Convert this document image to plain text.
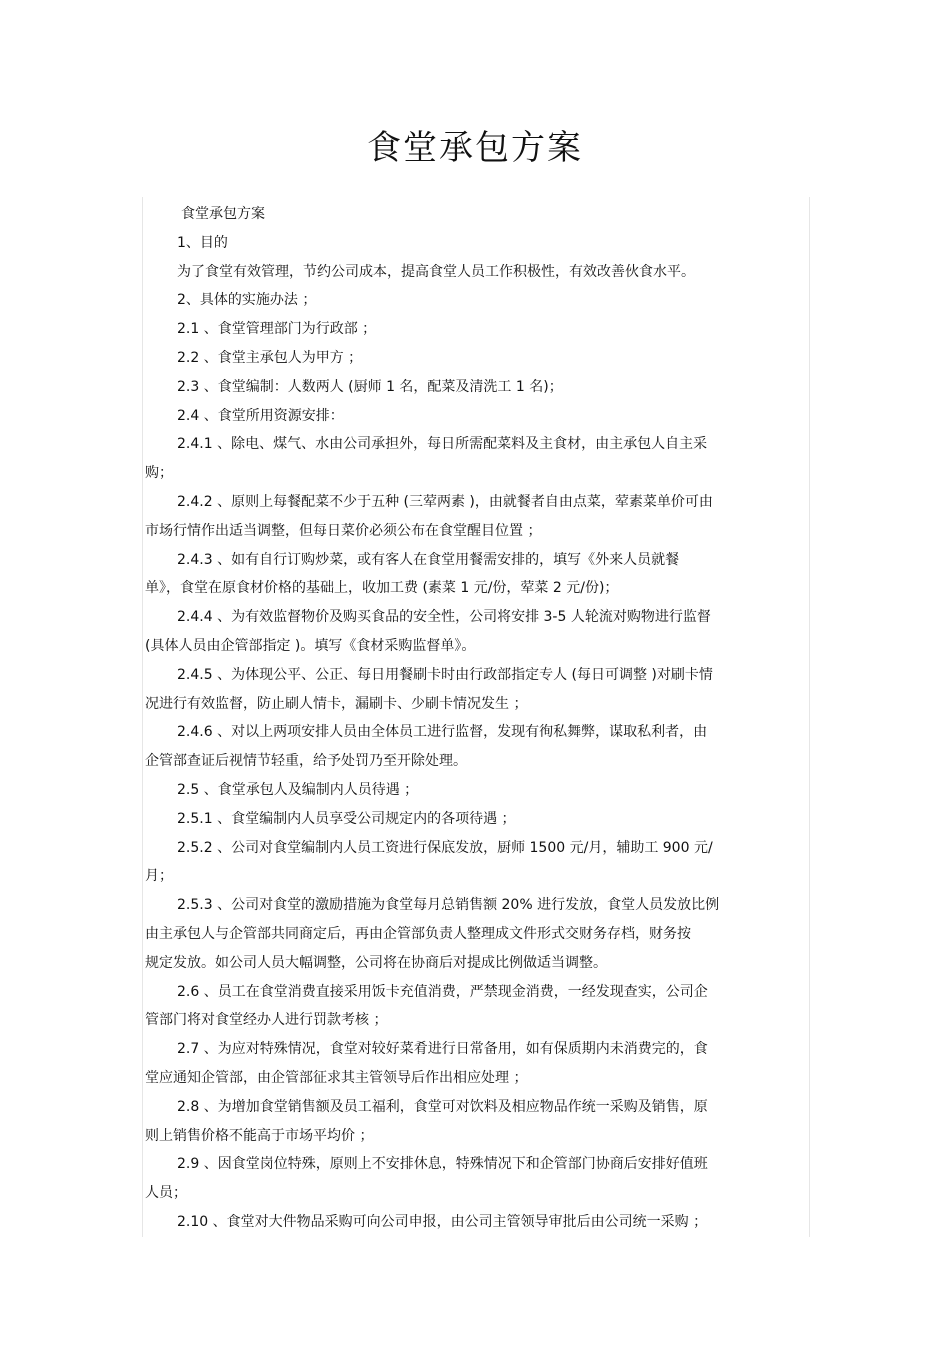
食堂承包方案
食堂承包方案
1、目的
为了食堂有效管理，节约公司成本，提高食堂人员工作积极性，有效改善伙食水平。
2、具体的实施办法 ；
2.1 、食堂管理部门为行政部 ；
2.2 、食堂主承包人为甲方 ；
2.3 、食堂编制：人数两人 (厨师 1 名，配菜及清洗工 1 名)；
2.4 、食堂所用资源安排：
2.4.1 、除电、煤气、水由公司承担外，每日所需配菜料及主食材，由主承包人自主采
购；
2.4.2 、原则上每餐配菜不少于五种 (三荤两素 )，由就餐者自由点菜，荤素菜单价可由
市场行情作出适当调整，但每日菜价必须公布在食堂醒目位置 ；
2.4.3 、如有自行订购炒菜，或有客人在食堂用餐需安排的，填写《外来人员就餐
单》，食堂在原食材价格的基础上，收加工费 (素菜 1 元/份，荤菜 2 元/份)；
2.4.4 、为有效监督物价及购买食品的安全性，公司将安排 3-5 人轮流对购物进行监督
(具体人员由企管部指定 )。填写《食材采购监督单》。
2.4.5 、为体现公平、公正、每日用餐刷卡时由行政部指定专人 (每日可调整 )对刷卡情
况进行有效监督，防止刷人情卡，漏刷卡、少刷卡情况发生 ；
2.4.6 、对以上两项安排人员由全体员工进行监督，发现有徇私舞弊，谋取私利者，由
企管部查证后视情节轻重，给予处罚乃至开除处理。
2.5 、食堂承包人及编制内人员待遇 ；
2.5.1 、食堂编制内人员享受公司规定内的各项待遇 ；
2.5.2 、公司对食堂编制内人员工资进行保底发放，厨师 1500 元/月，辅助工 900 元/
月；
2.5.3 、公司对食堂的激励措施为食堂每月总销售额 20% 进行发放，食堂人员发放比例
由主承包人与企管部共同商定后，再由企管部负责人整理成文件形式交财务存档，财务按
规定发放。如公司人员大幅调整，公司将在协商后对提成比例做适当调整。
2.6 、员工在食堂消费直接采用饭卡充值消费，严禁现金消费，一经发现查实，公司企
管部门将对食堂经办人进行罚款考核 ；
2.7 、为应对特殊情况，食堂对较好菜肴进行日常备用，如有保质期内未消费完的，食
堂应通知企管部，由企管部征求其主管领导后作出相应处理 ；
2.8 、为增加食堂销售额及员工福利，食堂可对饮料及相应物品作统一采购及销售，原
则上销售价格不能高于市场平均价 ；
2.9 、因食堂岗位特殊，原则上不安排休息，特殊情况下和企管部门协商后安排好值班
人员；
2.10 、食堂对大件物品采购可向公司申报，由公司主管领导审批后由公司统一采购 ；
